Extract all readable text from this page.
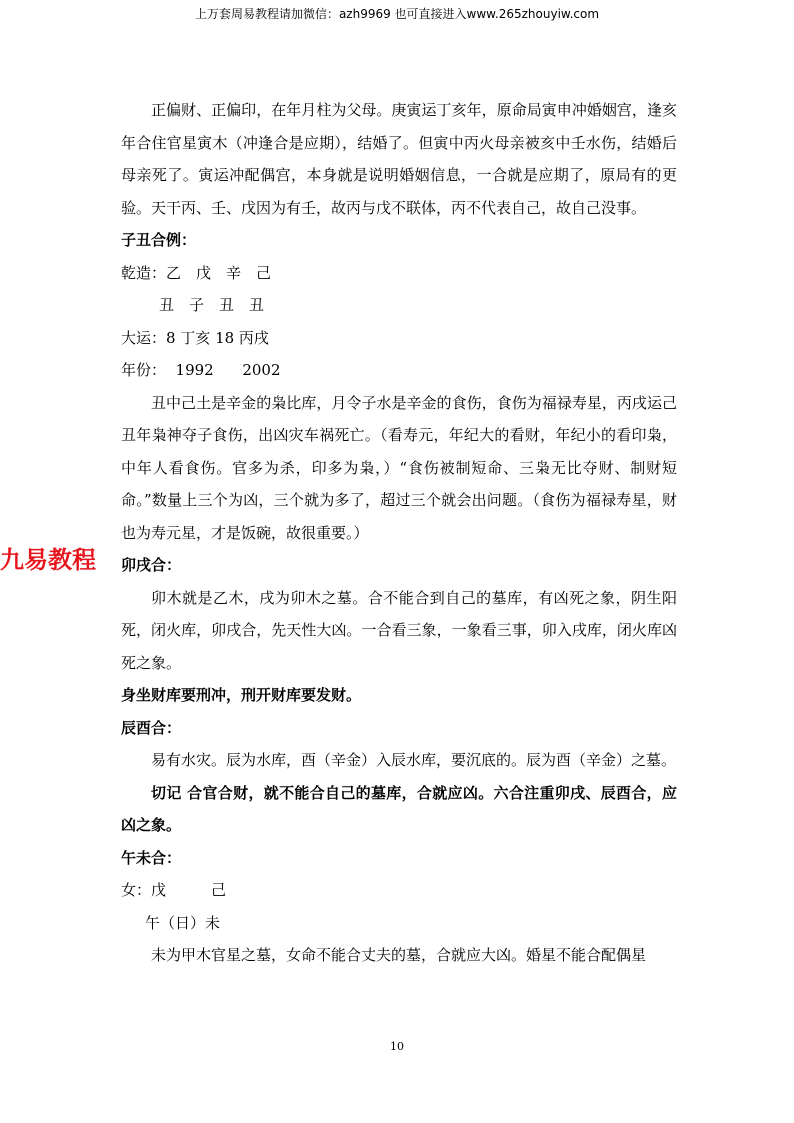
上万套周易教程请加微信：azh9969 也可直接进入www.265zhouyiw.com

正偏财、正偏印，在年月柱为父母。庚寅运丁亥年，原命局寅申冲婚姻宫，逢亥年合住官星寅木（冲逢合是应期），结婚了。但寅中丙火母亲被亥中壬水伤，结婚后母亲死了。寅运冲配偶宫，本身就是说明婚姻信息，一合就是应期了，原局有的更验。天干丙、壬、戊因为有壬，故丙与戊不联体，丙不代表自己，故自己没事。

子丑合例：

乾造：乙　戊　辛　己

丑　子　丑　丑

大运：8 丁亥 18 丙戌

年份：  1992      2002

丑中己土是辛金的枭比库，月令子水是辛金的食伤，食伤为福禄寿星，丙戌运己丑年枭神夺子食伤，出凶灾车祸死亡。（看寿元，年纪大的看财，年纪小的看印枭，中年人看食伤。官多为杀，印多为枭，）“食伤被制短命、三枭无比夺财、制财短命。”数量上三个为凶，三个就为多了，超过三个就会出问题。（食伤为福禄寿星，财也为寿元星，才是饭碗，故很重要。）

卯戌合：

卯木就是乙木，戌为卯木之墓。合不能合到自己的墓库，有凶死之象，阴生阳死，闭火库，卯戌合，先天性大凶。一合看三象，一象看三事，卯入戌库，闭火库凶死之象。

身坐财库要刑冲，刑开财库要发财。

辰酉合：

易有水灾。辰为水库，酉（辛金）入辰水库，要沉底的。辰为酉（辛金）之墓。

切记 合官合财，就不能合自己的墓库，合就应凶。六合注重卯戌、辰酉合，应凶之象。

午未合：

女：戊　　　己

午（日）未

未为甲木官星之墓，女命不能合丈夫的墓，合就应大凶。婚星不能合配偶星

九易教程
10
